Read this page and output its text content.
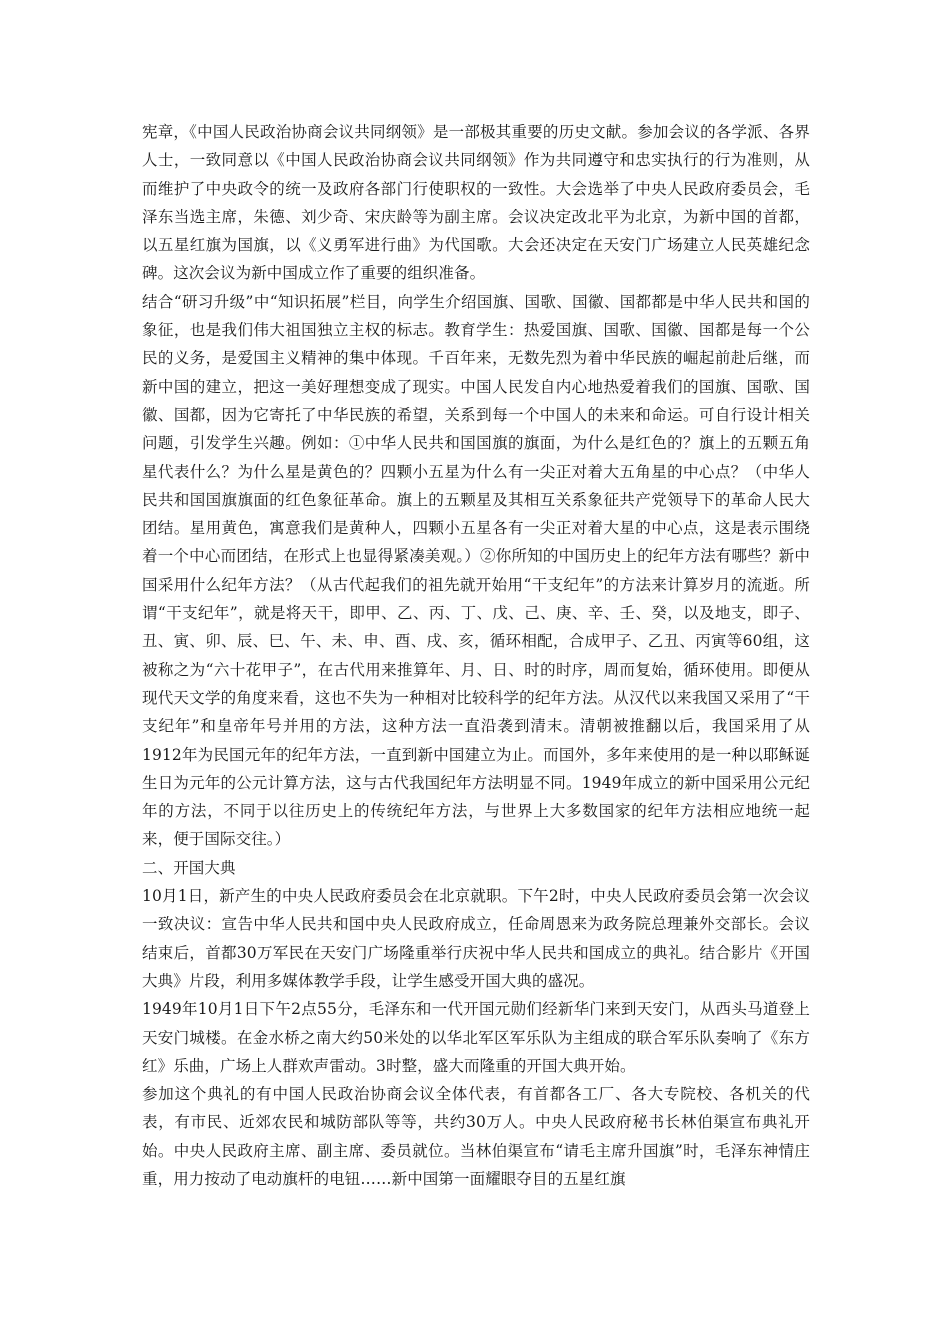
宪章，《中国人民政治协商会议共同纲领》是一部极其重要的历史文献。参加会议的各学派、各界人士，一致同意以《中国人民政治协商会议共同纲领》作为共同遵守和忠实执行的行为准则，从而维护了中央政令的统一及政府各部门行使职权的一致性。大会选举了中央人民政府委员会，毛泽东当选主席，朱德、刘少奇、宋庆龄等为副主席。会议决定改北平为北京，为新中国的首都，以五星红旗为国旗，以《义勇军进行曲》为代国歌。大会还决定在天安门广场建立人民英雄纪念碑。这次会议为新中国成立作了重要的组织准备。

结合“研习升级”中“知识拓展”栏目，向学生介绍国旗、国歌、国徽、国都都是中华人民共和国的象征，也是我们伟大祖国独立主权的标志。教育学生：热爱国旗、国歌、国徽、国都是每一个公民的义务，是爱国主义精神的集中体现。千百年来，无数先烈为着中华民族的崛起前赴后继，而新中国的建立，把这一美好理想变成了现实。中国人民发自内心地热爱着我们的国旗、国歌、国徽、国都，因为它寄托了中华民族的希望，关系到每一个中国人的未来和命运。可自行设计相关问题，引发学生兴趣。例如：①中华人民共和国国旗的旗面，为什么是红色的？旗上的五颗五角星代表什么？为什么星是黄色的？四颗小五星为什么有一尖正对着大五角星的中心点？（中华人民共和国国旗旗面的红色象征革命。旗上的五颗星及其相互关系象征共产党领导下的革命人民大团结。星用黄色，寓意我们是黄种人，四颗小五星各有一尖正对着大星的中心点，这是表示围绕着一个中心而团结，在形式上也显得紧凑美观。）②你所知的中国历史上的纪年方法有哪些？新中国采用什么纪年方法？（从古代起我们的祖先就开始用“干支纪年”的方法来计算岁月的流逝。所谓“干支纪年”，就是将天干，即甲、乙、丙、丁、戊、己、庚、辛、壬、癸，以及地支，即子、丑、寅、卯、辰、巳、午、未、申、酉、戌、亥，循环相配，合成甲子、乙丑、丙寅等60组，这被称之为“六十花甲子”，在古代用来推算年、月、日、时的时序，周而复始，循环使用。即便从现代天文学的角度来看，这也不失为一种相对比较科学的纪年方法。从汉代以来我国又采用了“干支纪年”和皇帝年号并用的方法，这种方法一直沿袭到清末。清朝被推翻以后，我国采用了从1912年为民国元年的纪年方法，一直到新中国建立为止。而国外，多年来使用的是一种以耶稣诞生日为元年的公元计算方法，这与古代我国纪年方法明显不同。1949年成立的新中国采用公元纪年的方法，不同于以往历史上的传统纪年方法，与世界上大多数国家的纪年方法相应地统一起来，便于国际交往。）

二、开国大典

10月1日，新产生的中央人民政府委员会在北京就职。下午2时，中央人民政府委员会第一次会议一致决议：宣告中华人民共和国中央人民政府成立，任命周恩来为政务院总理兼外交部长。会议结束后，首都30万军民在天安门广场隆重举行庆祝中华人民共和国成立的典礼。结合影片《开国大典》片段，利用多媒体教学手段，让学生感受开国大典的盛况。

1949年10月1日下午2点55分，毛泽东和一代开国元勋们经新华门来到天安门，从西头马道登上天安门城楼。在金水桥之南大约50米处的以华北军区军乐队为主组成的联合军乐队奏响了《东方红》乐曲，广场上人群欢声雷动。3时整，盛大而隆重的开国大典开始。

参加这个典礼的有中国人民政治协商会议全体代表，有首都各工厂、各大专院校、各机关的代表，有市民、近郊农民和城防部队等等，共约30万人。中央人民政府秘书长林伯渠宣布典礼开始。中央人民政府主席、副主席、委员就位。当林伯渠宣布“请毛主席升国旗”时，毛泽东神情庄重，用力按动了电动旗杆的电钮……新中国第一面耀眼夺目的五星红旗
